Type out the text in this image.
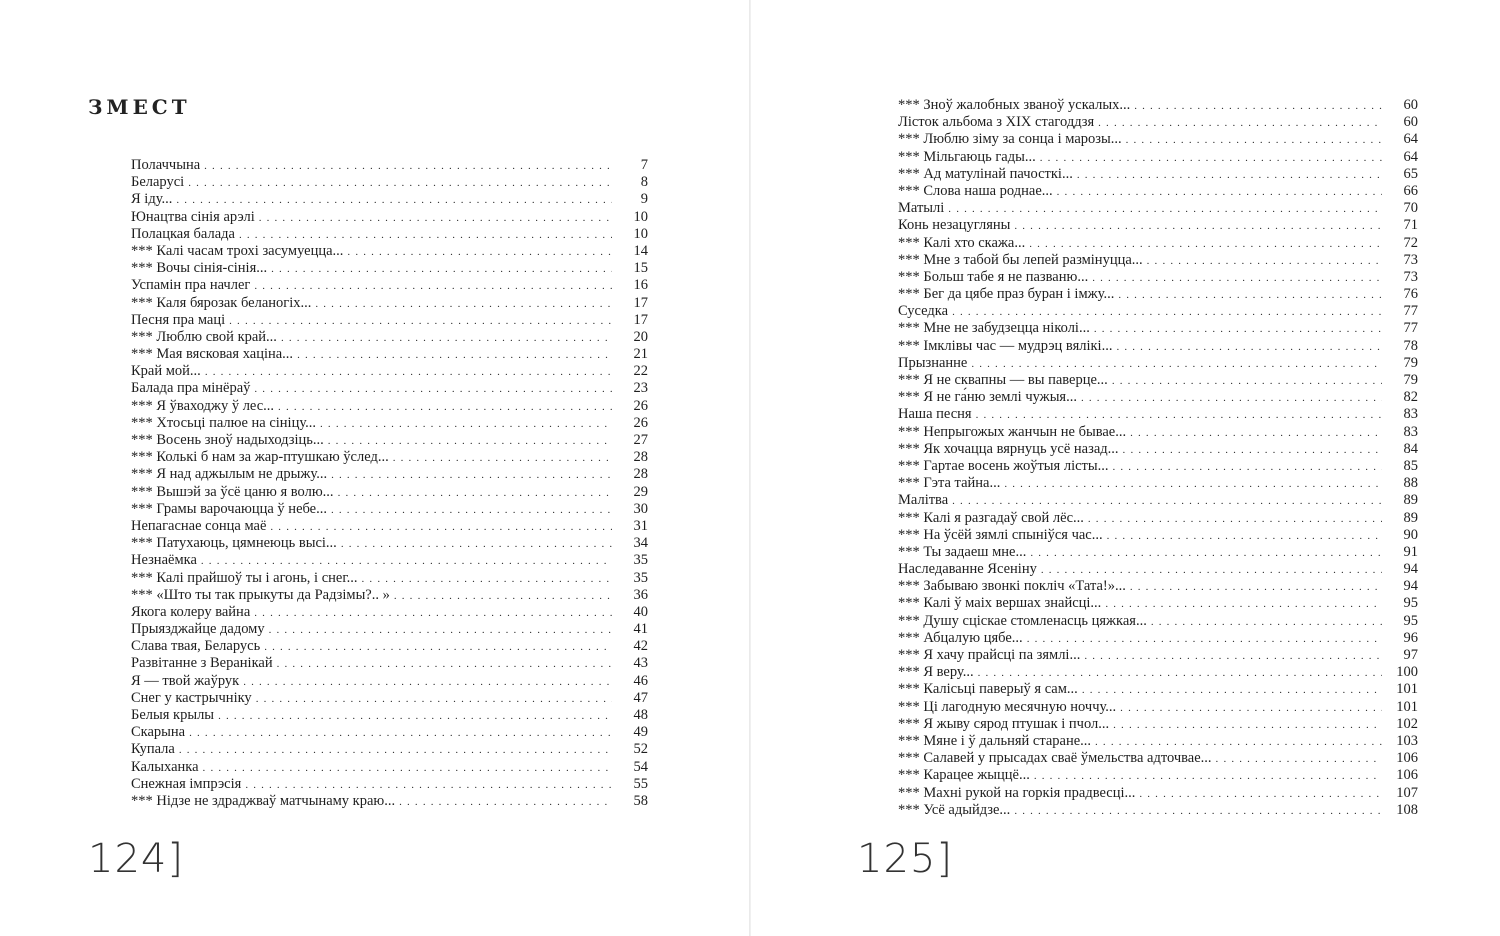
ЗМЕСТ
Полаччына . . .	7
Беларусі . . .	8
Я іду... . . .	9
Юнацтва сінія арэлі . . .	10
Полацкая балада . . .	10
*** Калі часам трохі засумуецца... . . .	14
*** Вочы сінія-сінія... . . .	15
Успамін пра начлег . . .	16
*** Каля бярозак беланогіх... . . .	17
Песня пра маці . . .	17
*** Люблю свой край... . . .	20
*** Мая вясковая хаціна... . . .	21
Край мой... . . .	22
Балада пра мінёраў . . .	23
*** Я ўваходжу ў лес... . . .	26
*** Хтосьці палюе на сініцу... . . .	26
*** Восень зноў надыходзіць... . . .	27
*** Колькі б нам за жар-птушкаю ўслед... . . .	28
*** Я над аджылым не дрыжу... . . .	28
*** Вышэй за ўсё цаню я волю... . . .	29
*** Грамы варочаюцца ў небе... . . .	30
Непагаснае сонца маё . . .	31
*** Патухаюць, цямнеюць высі... . . .	34
Незнаёмка . . .	35
*** Калі прайшоў ты і агонь, і снег... . . .	35
*** «Што ты так прыкуты да Радзімы?.. » . . .	36
Якога колеру вайна . . .	40
Прыязджайце дадому . . .	41
Слава твая, Беларусь . . .	42
Развітанне з Веранікай . . .	43
Я — твой жаўрук . . .	46
Снег у кастрычніку . . .	47
Белыя крылы . . .	48
Скарына . . .	49
Купала . . .	52
Калыханка . . .	54
Снежная імпрэсія . . .	55
*** Нідзе не здраджваў матчынаму краю... . . .	58
124]
*** Зноў жалобных званоў ускалых... . . .	60
Лісток альбома з XIX стагоддзя . . .	60
*** Люблю зіму за сонца і марозы... . . .	64
*** Мільгаюць гады... . . .	64
*** Ад матулінай пачосткі... . . .	65
*** Слова наша роднае... . . .	66
Матылі . . .	70
Конь незацугляны . . .	71
*** Калі хто скажа... . . .	72
*** Мне з табой бы лепей размінуцца... . . .	73
*** Больш табе я не пазваню... . . .	73
*** Бег да цябе праз буран і імжу... . . .	76
Суседка . . .	77
*** Мне не забудзецца ніколі... . . .	77
*** Імклівы час — мудрэц вялікі... . . .	78
Прызнанне . . .	79
*** Я не сквапны — вы паверце... . . .	79
*** Я не га́ню землі чужыя... . . .	82
Наша песня . . .	83
*** Непрыгожых жанчын не бывае... . . .	83
*** Як хочацца вярнуць усё назад... . . .	84
*** Гартае восень жоўтыя лісты... . . .	85
*** Гэта тайна... . . .	88
Малітва . . .	89
*** Калі я разгадаў свой лёс... . . .	89
*** На ўсёй зямлі спыніўся час... . . .	90
*** Ты задаеш мне... . . .	91
Наследаванне Ясеніну . . .	94
*** Забываю звонкі покліч «Тата!»... . . .	94
*** Калі ў маіх вершах знайсці... . . .	95
*** Душу сціскае стомленасць цяжкая... . . .	95
*** Абцалую цябе... . . .	96
*** Я хачу прайсці па зямлі... . . .	97
*** Я веру... . . .	100
*** Калісьці паверыў я сам... . . .	101
*** Ці лагодную месячную ноччу... . . .	101
*** Я жыву сярод птушак і пчол... . . .	102
*** Мяне і ў дальняй старане... . . .	103
*** Салавей у прысадах сваё ўмельства адточвае... . . .	106
*** Карацее жыццё... . . .	106
*** Махні рукой на горкія прадвесці... . . .	107
*** Усё адыйдзе... . . .	108
125]
